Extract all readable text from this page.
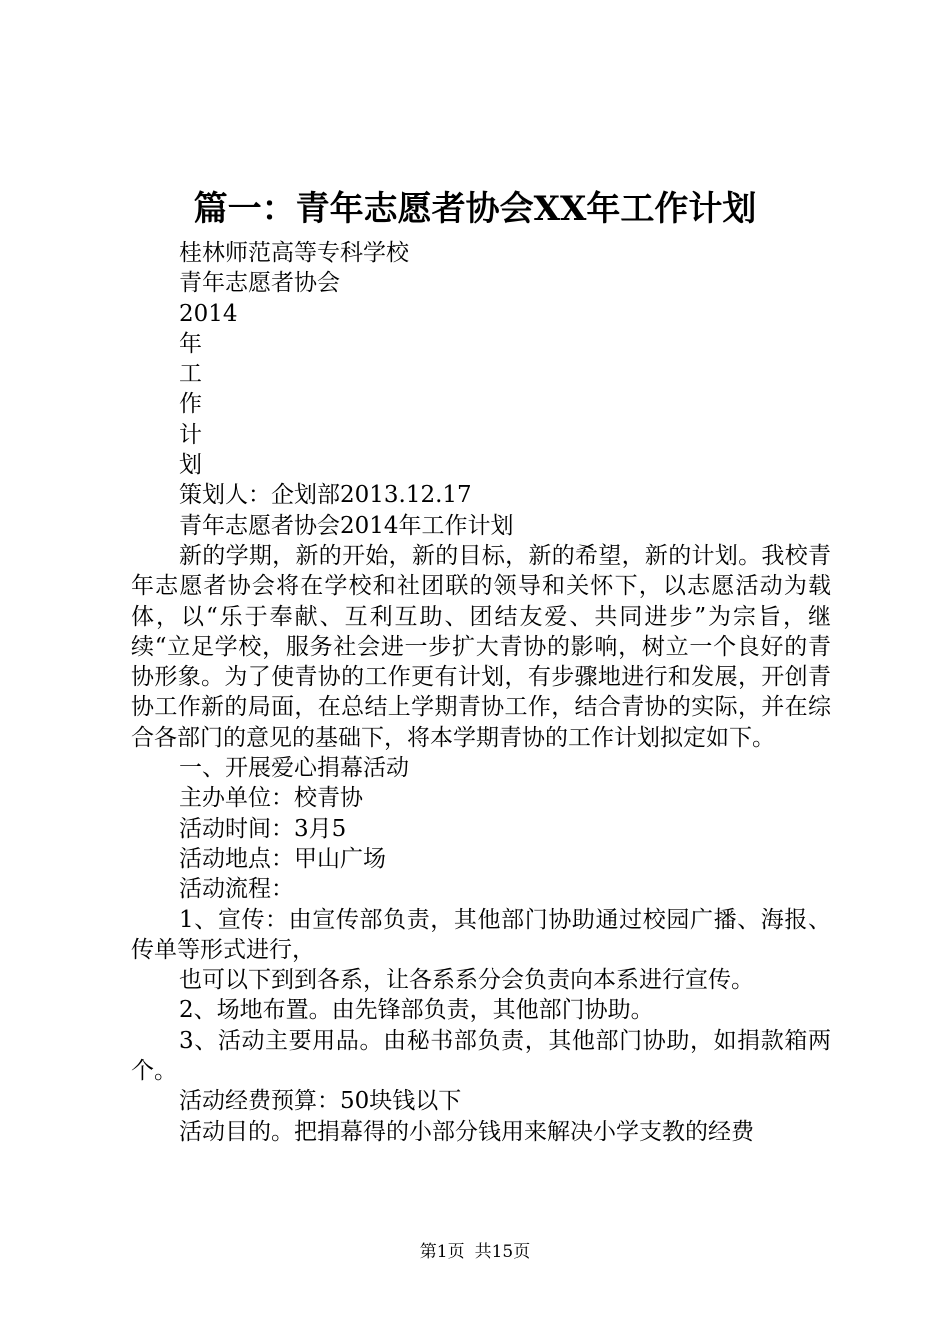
篇一：青年志愿者协会XX年工作计划
桂林师范高等专科学校
青年志愿者协会
2014
年
工
作
计
划
策划人：企划部2013.12.17
青年志愿者协会2014年工作计划
新的学期，新的开始，新的目标，新的希望，新的计划。我校青年志愿者协会将在学校和社团联的领导和关怀下，以志愿活动为载体，以“乐于奉献、互利互助、团结友爱、共同进步”为宗旨，继续“立足学校，服务社会进一步扩大青协的影响，树立一个良好的青协形象。为了使青协的工作更有计划，有步骤地进行和发展，开创青协工作新的局面，在总结上学期青协工作，结合青协的实际，并在综合各部门的意见的基础下，将本学期青协的工作计划拟定如下。
一、开展爱心捐幕活动
主办单位：校青协
活动时间：3月5
活动地点：甲山广场
活动流程：
1、宣传：由宣传部负责，其他部门协助通过校园广播、海报、传单等形式进行，
也可以下到到各系，让各系系分会负责向本系进行宣传。
2、场地布置。由先锋部负责，其他部门协助。
3、活动主要用品。由秘书部负责，其他部门协助，如捐款箱两个。
活动经费预算：50块钱以下
活动目的。把捐幕得的小部分钱用来解决小学支教的经费
第1页 共15页
